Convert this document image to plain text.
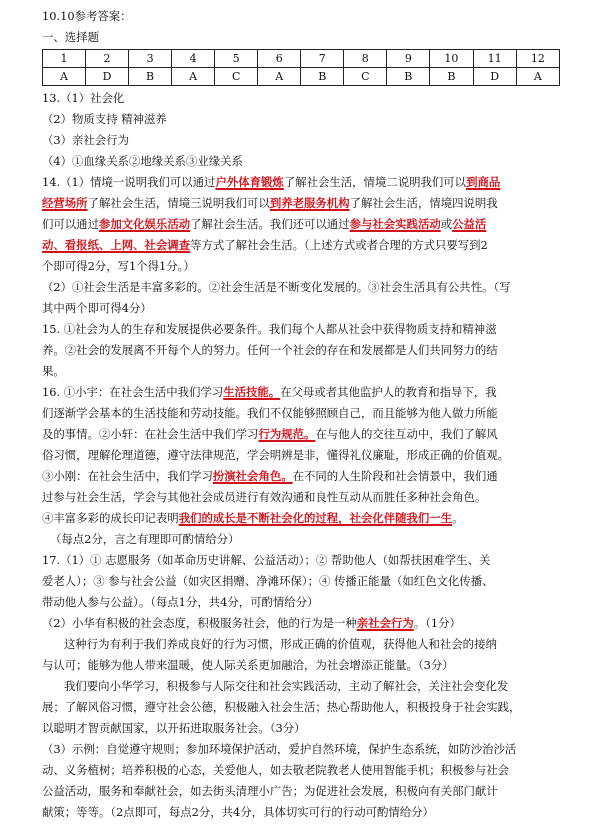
10.10参考答案：
一、选择题
1	2	3	4	5	6	7	8	9	10	11	12
A	D	B	A	C	A	B	C	B	B	D	A
13.（1）社会化
（2）物质支持 精神滋养
（3）亲社会行为
（4）①血缘关系②地缘关系③业缘关系
14.（1）情境一说明我们可以通过户外体育锻炼了解社会生活，情境二说明我们可以到商品
经营场所了解社会生活，情境三说明我们可以到养老服务机构了解社会生活，情境四说明我
们可以通过参加文化娱乐活动了解社会生活。我们还可以通过参与社会实践活动或公益活
动、看报纸、上网、社会调查等方式了解社会生活。（上述方式或者合理的方式只要写到2
个即可得2分，写1个得1分。）
（2）①社会生活是丰富多彩的。②社会生活是不断变化发展的。③社会生活具有公共性。（写
其中两个即可得4分）
15. ①社会为人的生存和发展提供必要条件。我们每个人都从社会中获得物质支持和精神滋
养。②社会的发展离不开每个人的努力。任何一个社会的存在和发展都是人们共同努力的结
果。
16. ①小宇：在社会生活中我们学习生活技能。在父母或者其他监护人的教育和指导下，我
们逐渐学会基本的生活技能和劳动技能。我们不仅能够照顾自己，而且能够为他人做力所能
及的事情。②小轩：在社会生活中我们学习行为规范。在与他人的交往互动中，我们了解风
俗习惯，理解伦理道德，遵守法律规范，学会明辨是非，懂得礼仪廉耻，形成正确的价值观。
③小刚：在社会生活中，我们学习扮演社会角色。在不同的人生阶段和社会情景中，我们通
过参与社会生活，学会与其他社会成员进行有效沟通和良性互动从而胜任多种社会角色。
④丰富多彩的成长印记表明我们的成长是不断社会化的过程，社会化伴随我们一生。
（每点2分，言之有理即可酌情给分）
17.（1）① 志愿服务（如革命历史讲解、公益活动）；② 帮助他人（如帮扶困难学生、关
爱老人）；③ 参与社会公益（如灾区捐赠、净滩环保）；④ 传播正能量（如红色文化传播、
带动他人参与公益）。（每点1分，共4分，可酌情给分）
（2）小华有积极的社会态度，积极服务社会，他的行为是一种亲社会行为。（1分）
这种行为有利于我们养成良好的行为习惯，形成正确的价值观，获得他人和社会的接纳
与认可；能够为他人带来温暖，使人际关系更加融洽，为社会增添正能量。（3分）
我们要向小华学习，积极参与人际交往和社会实践活动，主动了解社会，关注社会变化发
展；了解风俗习惯，遵守社会公德，积极融入社会生活；热心帮助他人，积极投身于社会实践，
以聪明才智贡献国家，以开拓进取服务社会。（3分）
（3）示例：自觉遵守规则；参加环境保护活动，爱护自然环境，保护生态系统，如防沙治沙活
动、义务植树；培养积极的心态，关爱他人，如去敬老院教老人使用智能手机；积极参与社会
公益活动，服务和奉献社会，如去街头清理小广告；为促进社会发展，积极向有关部门献计
献策；等等。（2点即可，每点2分，共4分，具体切实可行的行动可酌情给分）
